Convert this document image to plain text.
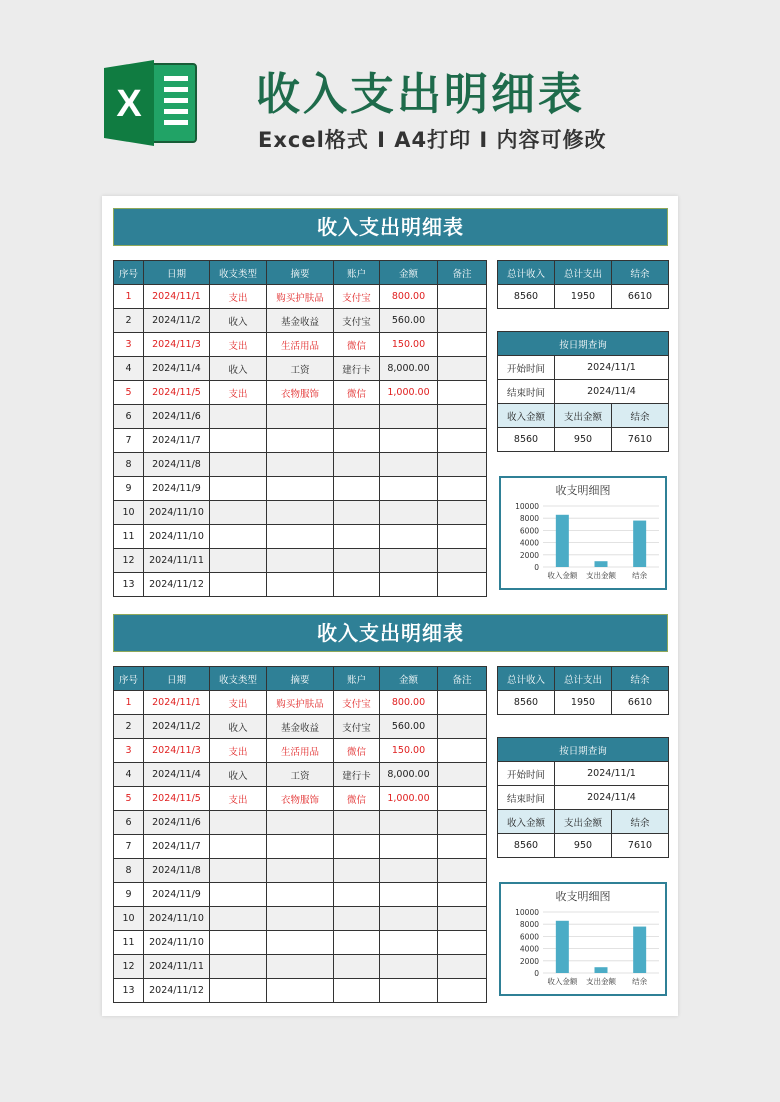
X	收入支出明细表
Excel格式 I A4打印 I 内容可修改
收入支出明细表
序号	日期	收支类型	摘要	账户	金额	备注
1	2024/11/1	支出	购买护肤品	支付宝	800.00	
2	2024/11/2	收入	基金收益	支付宝	560.00	
3	2024/11/3	支出	生活用品	微信	150.00	
4	2024/11/4	收入	工资	建行卡	8,000.00	
5	2024/11/5	支出	衣物服饰	微信	1,000.00	
6	2024/11/6					
7	2024/11/7					
8	2024/11/8					
9	2024/11/9					
10	2024/11/10					
11	2024/11/10					
12	2024/11/11					
13	2024/11/12					
总计收入	总计支出	结余
8560	1950	6610
按日期查询		
开始时间	2024/11/1	
结束时间	2024/11/4	
收入金额	支出金额	结余
8560	950	7610
收支明细图
10000
8000
6000
4000
2000
0
收入金额 支出金额 结余
收入支出明细表
序号	日期	收支类型	摘要	账户	金额	备注
1	2024/11/1	支出	购买护肤品	支付宝	800.00	
2	2024/11/2	收入	基金收益	支付宝	560.00	
3	2024/11/3	支出	生活用品	微信	150.00	
4	2024/11/4	收入	工资	建行卡	8,000.00	
5	2024/11/5	支出	衣物服饰	微信	1,000.00	
6	2024/11/6					
7	2024/11/7					
8	2024/11/8					
9	2024/11/9					
10	2024/11/10					
11	2024/11/10					
12	2024/11/11					
13	2024/11/12					
总计收入	总计支出	结余
8560	1950	6610
按日期查询		
开始时间	2024/11/1	
结束时间	2024/11/4	
收入金额	支出金额	结余
8560	950	7610
收支明细图
10000
8000
6000
4000
2000
0
收入金额 支出金额 结余
